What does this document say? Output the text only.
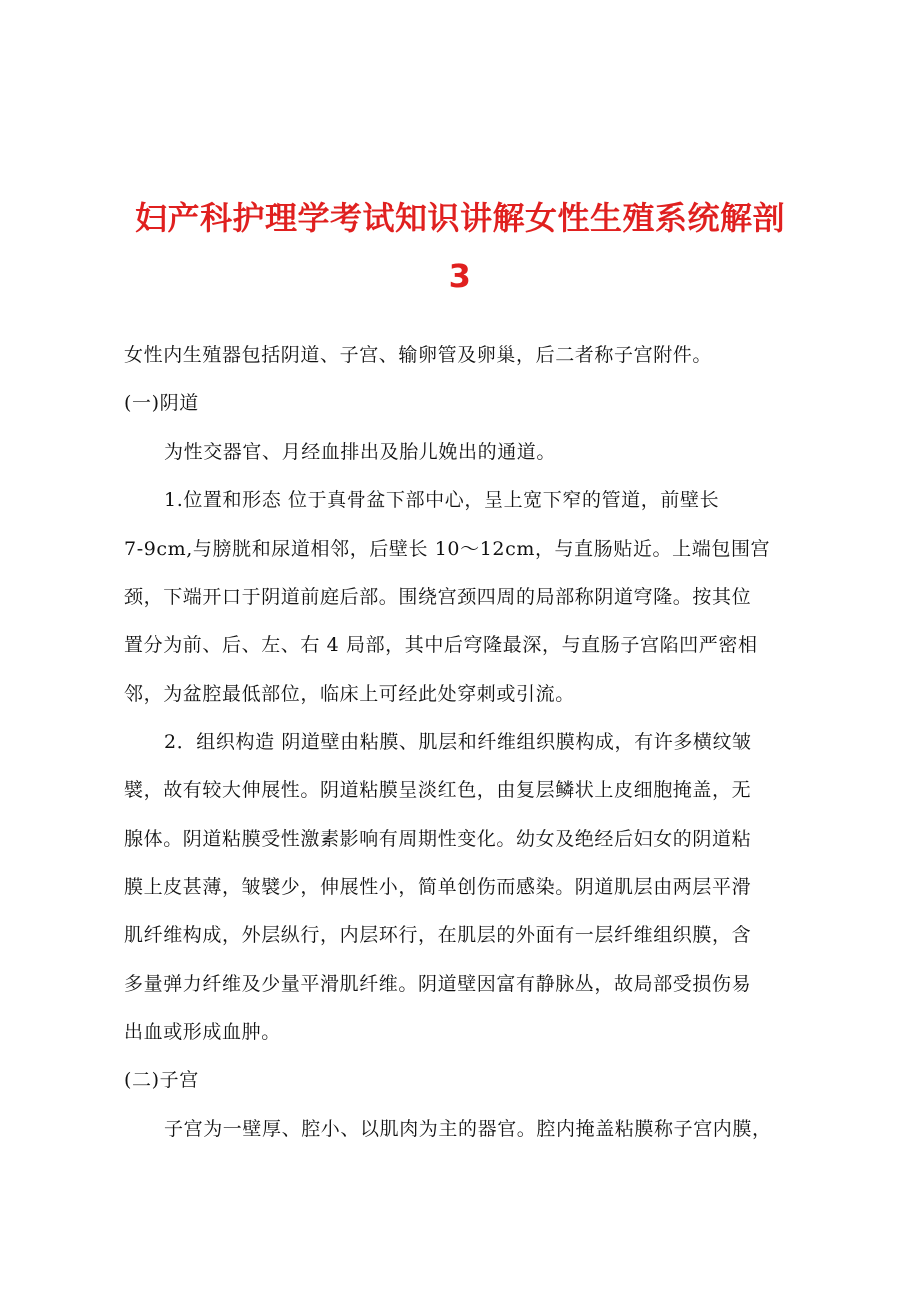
妇产科护理学考试知识讲解女性生殖系统解剖
3
女性内生殖器包括阴道、子宫、输卵管及卵巢，后二者称子宫附件。
(一)阴道
为性交器官、月经血排出及胎儿娩出的通道。
1.位置和形态 位于真骨盆下部中心，呈上宽下窄的管道，前壁长
7-9cm,与膀胱和尿道相邻，后壁长 10～12cm，与直肠贴近。上端包围宫
颈，下端开口于阴道前庭后部。围绕宫颈四周的局部称阴道穹隆。按其位
置分为前、后、左、右 4 局部，其中后穹隆最深，与直肠子宫陷凹严密相
邻，为盆腔最低部位，临床上可经此处穿刺或引流。
2．组织构造 阴道壁由粘膜、肌层和纤维组织膜构成，有许多横纹皱
襞，故有较大伸展性。阴道粘膜呈淡红色，由复层鳞状上皮细胞掩盖，无
腺体。阴道粘膜受性激素影响有周期性变化。幼女及绝经后妇女的阴道粘
膜上皮甚薄，皱襞少，伸展性小，简单创伤而感染。阴道肌层由两层平滑
肌纤维构成，外层纵行，内层环行，在肌层的外面有一层纤维组织膜，含
多量弹力纤维及少量平滑肌纤维。阴道壁因富有静脉丛，故局部受损伤易
出血或形成血肿。
(二)子宫
子宫为一壁厚、腔小、以肌肉为主的器官。腔内掩盖粘膜称子宫内膜，
